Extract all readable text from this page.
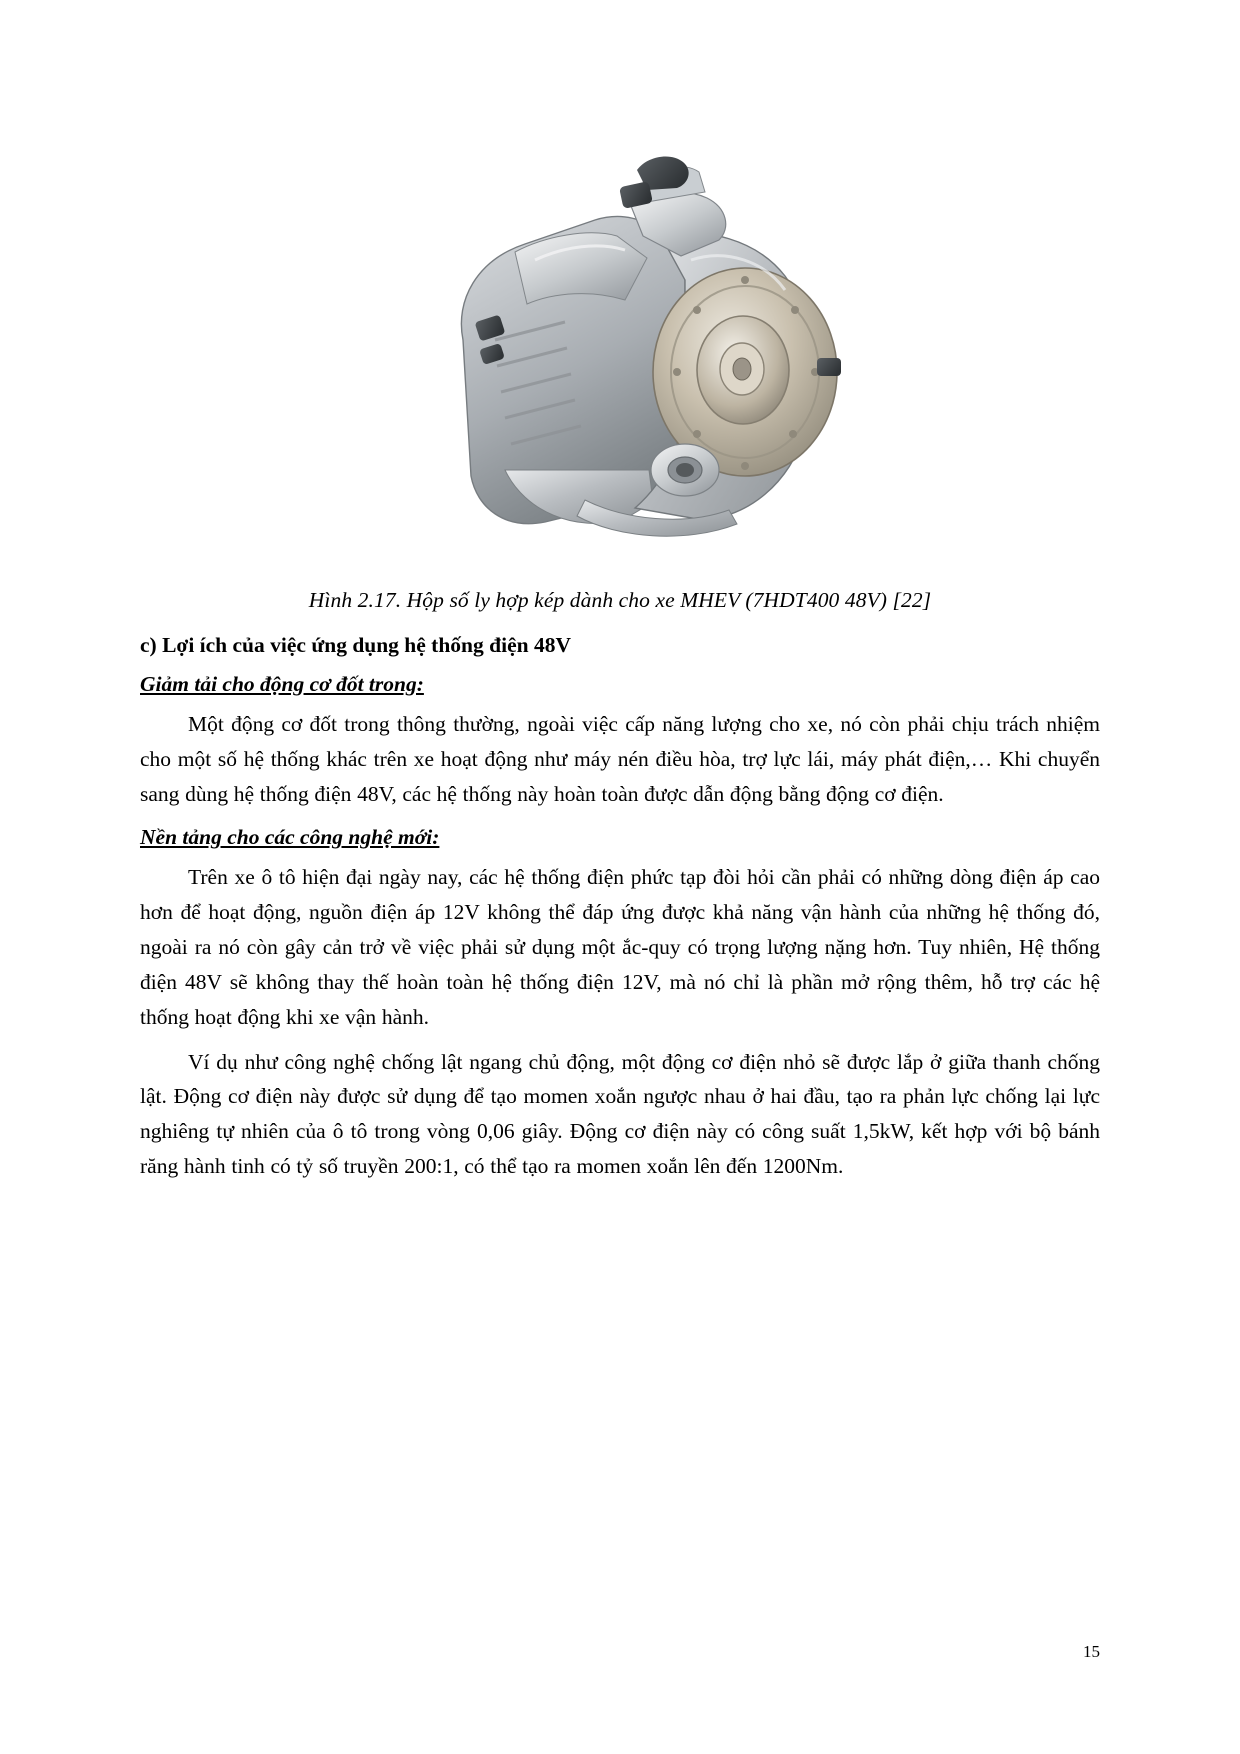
Hình 2.17. Hộp số ly hợp kép dành cho xe MHEV (7HDT400 48V) [22]
c) Lợi ích của việc ứng dụng hệ thống điện 48V
Giảm tải cho động cơ đốt trong:

Một động cơ đốt trong thông thường, ngoài việc cấp năng lượng cho xe, nó còn phải chịu trách nhiệm cho một số hệ thống khác trên xe hoạt động như máy nén điều hòa, trợ lực lái, máy phát điện,… Khi chuyển sang dùng hệ thống điện 48V, các hệ thống này hoàn toàn được dẫn động bằng động cơ điện.

Nền tảng cho các công nghệ mới:

Trên xe ô tô hiện đại ngày nay, các hệ thống điện phức tạp đòi hỏi cần phải có những dòng điện áp cao hơn để hoạt động, nguồn điện áp 12V không thể đáp ứng được khả năng vận hành của những hệ thống đó, ngoài ra nó còn gây cản trở về việc phải sử dụng một ắc-quy có trọng lượng nặng hơn. Tuy nhiên, Hệ thống điện 48V sẽ không thay thế hoàn toàn hệ thống điện 12V, mà nó chỉ là phần mở rộng thêm, hỗ trợ các hệ thống hoạt động khi xe vận hành.

Ví dụ như công nghệ chống lật ngang chủ động, một động cơ điện nhỏ sẽ được lắp ở giữa thanh chống lật. Động cơ điện này được sử dụng để tạo momen xoắn ngược nhau ở hai đầu, tạo ra phản lực chống lại lực nghiêng tự nhiên của ô tô trong vòng 0,06 giây. Động cơ điện này có công suất 1,5kW, kết hợp với bộ bánh răng hành tinh có tỷ số truyền 200:1, có thể tạo ra momen xoắn lên đến 1200Nm.

15
